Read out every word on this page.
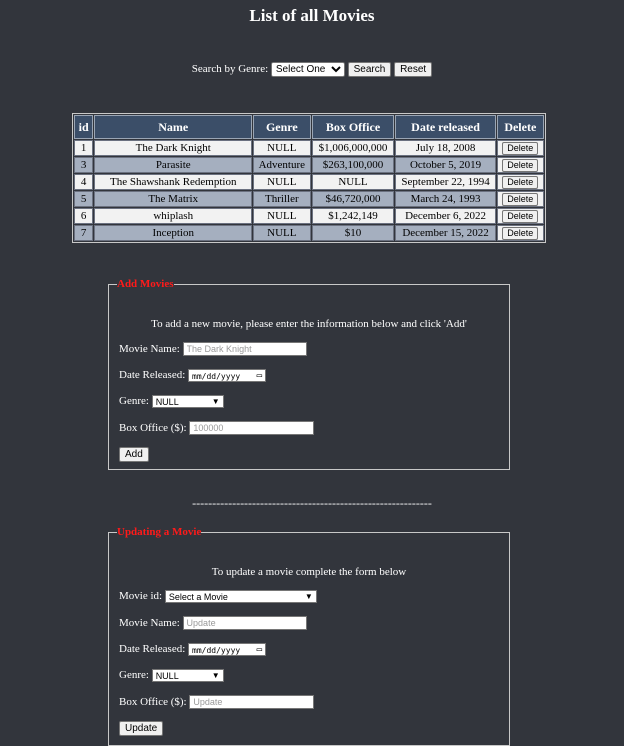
List of all Movies
Search by Genre:
Select One	Search Reset
id	Name	Genre	Box Office	Date released	Delete
1	The Dark Knight	NULL	$1,006,000,000	July 18, 2008	Delete
3	Parasite	Adventure	$263,100,000	October 5, 2019	Delete
4	The Shawshank Redemption	NULL	NULL	September 22, 1994	Delete
5	The Matrix	Thriller	$46,720,000	March 24, 1993	Delete
6	whiplash	NULL	$1,242,149	December 6, 2022	Delete
7	Inception	NULL	$10	December 15, 2022	Delete
Add Movies
To add a new movie, please enter the information below and click 'Add'
Movie Name: The Dark Knight
Date Released: mm/dd/yyyy ▭
Genre: NULL	▼
Box Office ($): 100000
Add
------------------------------------------------------------
Updating a Movie
To update a movie complete the form below
Movie id: Select a Movie	▼
Movie Name: Update
Date Released: mm/dd/yyyy ▭
Genre: NULL	▼
Box Office ($): Update
Update
